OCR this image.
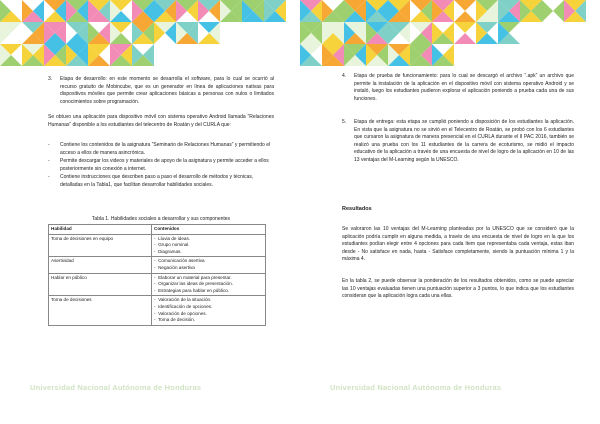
3.	Etapa de desarrollo: en este momento se desarrolla el software, para lo cual se ocurrió al recurso gratuito de Mobincube, que es un generador en línea de aplicaciones nativas para dispositivos móviles que permite crear aplicaciones básicas a personas con nulos o limitados conocimientos sobre programación.
Se obtuvo una aplicación para dispositivo móvil con sistema operativo Android llamada “Relaciones Humanas” disponible a los estudiantes del telecentro de Roatán y del CURLA que:
-	Contiene los contenidos de la asignatura “Seminario de Relaciones Humanas” y permitiendo el acceso a ellos de manera asincrónica.
-	Permite descargar los videos y materiales de apoyo de la asignatura y permite acceder a ellos posteriormente sin conexión a internet.
-	Contiene instrucciones que describen paso a paso el desarrollo de métodos y técnicas, detalladas en la Tabla1, que facilitan desarrollar habilidades sociales.
Tabla 1. Habilidades sociales a desarrollar y sus componentes
Habilidad	Contenidos
Toma de decisiones en equipo	- Lluvia de ideas.
- Grupo nominal.
- Diagramas.

Asertividad	- Comunicación asertiva
- Negación asertiva

Hablar en público	- Elaborar un material para presentar.
- Organizar las ideas de presentación.
- Estrategias para hablar en público.

Toma de decisiones	- Valoración de la situación.
- Identificación de opciones.
- Valoración de opciones.
- Toma de decisión.
Universidad Nacional Autónoma de Honduras
4.	Etapa de prueba de funcionamiento: para lo cual se descargó el archivo “.apk” un archivo que permite la instalación de la aplicación en el dispositivo móvil con sistema operativo Android y se instaló, luego los estudiantes pudieron explorar el aplicación poniendo a prueba cada una de sus funciones.
5.	Etapa de entrega: esta etapa se cumplió poniendo a disposición de los estudiantes la aplicación. En vista que la asignatura no se sirvió en el Telecentro de Roatán, se probó con los 6 estudiantes que cursaron la asignatura de manera presencial en el CURLA durante el II PAC 2016, también se realizó una prueba con los 11 estudiantes de la carrera de ecoturismo, se midió el impacto educativo de la aplicación a través de una encuesta de nivel de logro de la aplicación en 10 de las 13 ventajas del M-Learning según la UNESCO.
Resultados
Se valoraron las 10 ventajas del M-Learning planteadas por la UNESCO que se consideró que la aplicación podría cumplir en alguna medida, a través de una encuesta de nivel de logro en la que los estudiantes podían elegir entre 4 opciones para cada ítem que representaba cada ventaja, estas iban desde - No satisface en nada, hasta - Satisface completamente, siendo la puntuación mínima 1 y la máxima 4.
En la tabla 2, se puede observar la ponderación de los resultados obtenidos, como se puede apreciar las 10 ventajas evaluadas tienen una puntuación superior a 3 puntos, lo que indica que los estudiantes consideran que la aplicación logra cada una ellas.
Universidad Nacional Autónoma de Honduras
